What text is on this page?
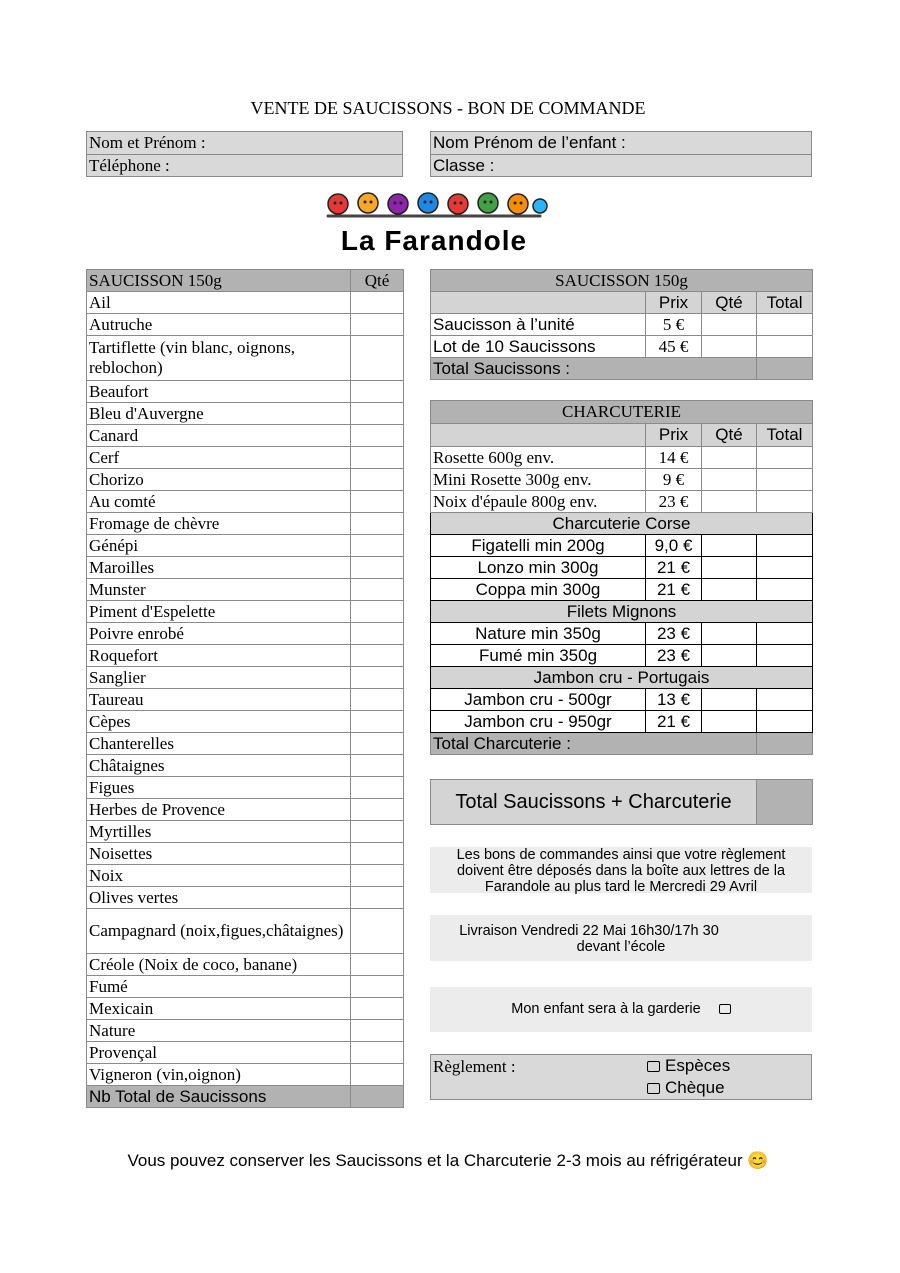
VENTE DE SAUCISSONS - BON DE COMMANDE
Nom et Prénom :
Téléphone :
Nom Prénom de l’enfant :
Classe :
La Farandole
SAUCISSON 150g	Qté
Ail	
Autruche	
Tartiflette (vin blanc, oignons, reblochon)	
Beaufort	
Bleu d'Auvergne	
Canard	
Cerf	
Chorizo	
Au comté	
Fromage de chèvre	
Génépi	
Maroilles	
Munster	
Piment d'Espelette	
Poivre enrobé	
Roquefort	
Sanglier	
Taureau	
Cèpes	
Chanterelles	
Châtaignes	
Figues	
Herbes de Provence	
Myrtilles	
Noisettes	
Noix	
Olives vertes	
Campagnard (noix,figues,châtaignes)	
Créole (Noix de coco, banane)	
Fumé	
Mexicain	
Nature	
Provençal	
Vigneron (vin,oignon)	
Nb Total de Saucissons	
SAUCISSON 150g			
	Prix	Qté	Total
Saucisson à l’unité	5 €		
Lot de 10 Saucissons	45 €		
Total Saucissons :			
CHARCUTERIE			
	Prix	Qté	Total
Rosette 600g env.	14 €		
Mini Rosette 300g env.	9 €		
Noix d'épaule 800g env.	23 €		
Charcuterie Corse			
Figatelli min 200g	9,0 €		
Lonzo min 300g	21 €		
Coppa min 300g	21 €		
Filets Mignons			
Nature min 350g	23 €		
Fumé min 350g	23 €		
Jambon cru - Portugais			
Jambon cru - 500gr	13 €		
Jambon cru - 950gr	21 €		
Total Charcuterie :			
Total Saucissons + Charcuterie	
Les bons de commandes ainsi que votre règlement doivent être déposés dans la boîte aux lettres de la Farandole au plus tard le Mercredi 29 Avril
Livraison Vendredi 22 Mai 16h30/17h 30
devant l’école
Mon enfant sera à la garderie
Règlement :	Espèces
Chèque
Vous pouvez conserver les Saucissons et la Charcuterie 2-3 mois au réfrigérateur 😊
